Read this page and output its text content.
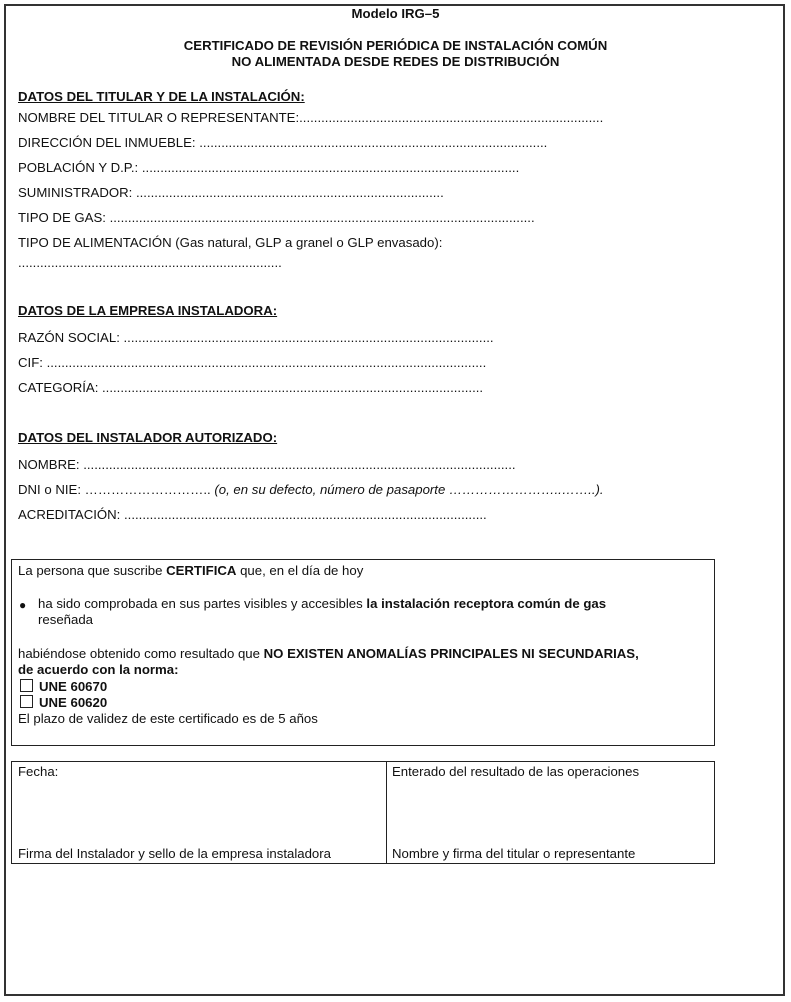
Modelo IRG–5
CERTIFICADO DE REVISIÓN PERIÓDICA DE INSTALACIÓN COMÚN
NO ALIMENTADA DESDE REDES DE DISTRIBUCIÓN
DATOS DEL TITULAR Y DE LA INSTALACIÓN:
NOMBRE DEL TITULAR O REPRESENTANTE:...................................................................................
DIRECCIÓN DEL INMUEBLE: ...............................................................................................
POBLACIÓN Y D.P.: .......................................................................................................
SUMINISTRADOR: ....................................................................................
TIPO DE GAS: ....................................................................................................................
TIPO DE ALIMENTACIÓN (Gas natural, GLP a granel o GLP envasado):
........................................................................
DATOS DE LA EMPRESA INSTALADORA:
RAZÓN SOCIAL: .....................................................................................................
CIF: ........................................................................................................................
CATEGORÍA: ........................................................................................................
DATOS DEL INSTALADOR AUTORIZADO:
NOMBRE: ......................................................................................................................
DNI o NIE: ……………………….. (o, en su defecto, número de pasaporte ……………………..……..).
ACREDITACIÓN: ...................................................................................................
La persona que suscribe CERTIFICA que, en el día de hoy
● ha sido comprobada en sus partes visibles y accesibles la instalación receptora común de gas
reseñada
habiéndose obtenido como resultado que NO EXISTEN ANOMALÍAS PRINCIPALES NI SECUNDARIAS,
de acuerdo con la norma:
UNE 60670
UNE 60620
El plazo de validez de este certificado es de 5 años
Fecha:	Enterado del resultado de las operaciones
Firma del Instalador y sello de la empresa instaladora	Nombre y firma del titular o representante
